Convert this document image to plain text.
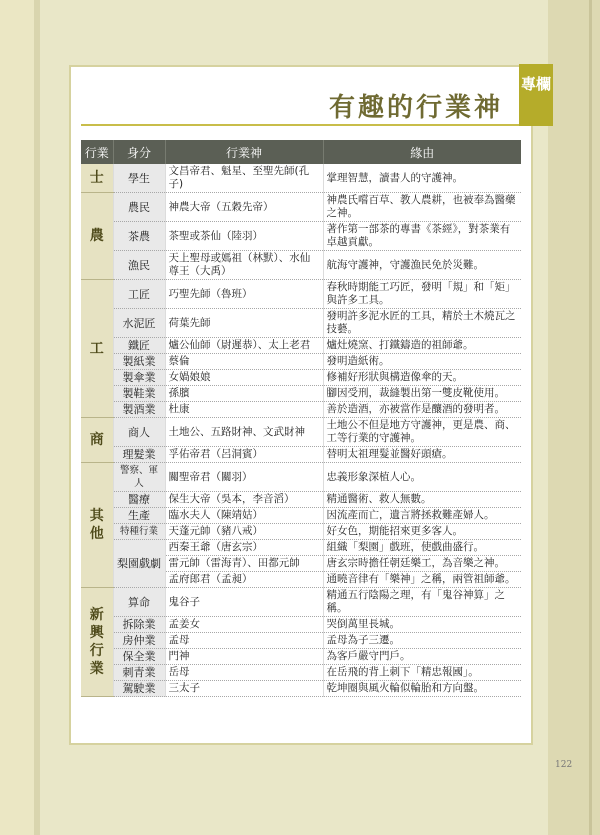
有趣的行業神
行業	身分	行業神	緣由
士	學生	文昌帝君、魁星、至聖先師(孔子)	掌理智慧，讀書人的守護神。
農	農民	神農大帝（五穀先帝）	神農氏嚐百草、教人農耕，也被奉為醫藥之神。
	茶農	茶聖或茶仙（陸羽）	著作第一部茶的專書《茶經》，對茶業有卓越貢獻。
	漁民	天上聖母或媽祖（林默）、水仙尊王（大禹）	航海守護神，守護漁民免於災難。
工	工匠	巧聖先師（魯班）	春秋時期能工巧匠，發明「規」和「矩」與許多工具。
	水泥匠	荷葉先師	發明許多泥水匠的工具，精於土木燒瓦之技藝。
	鐵匠	爐公仙師（尉遲恭）、太上老君	爐灶燒窯、打鐵鑄造的祖師爺。
	製紙業	蔡倫	發明造紙術。
	製傘業	女媧娘娘	修補好形狀與構造像傘的天。
	製鞋業	孫臏	腳因受刑，裁縫製出第一雙皮靴使用。
	製酒業	杜康	善於造酒，亦被當作是釀酒的發明者。
商	商人	土地公、五路財神、文武財神	土地公不但是地方守護神，更是農、商、工等行業的守護神。
	理髮業	孚佑帝君（呂洞賓）	替明太祖理髮並醫好頭瘡。
其他	警察、軍人	關聖帝君（關羽）	忠義形象深植人心。
	醫療	保生大帝（吳本，李音滔）	精通醫術、救人無數。
	生產	臨水夫人（陳靖姑）	因流產而亡，遺言將拯救難產婦人。
	特種行業	天蓬元帥（豬八戒）	好女色，期能招來更多客人。
	梨園戲劇	西秦王爺（唐玄宗）	組織「梨園」戲班，使戲曲盛行。
		雷元帥（雷海青）、田都元帥	唐玄宗時擔任朝廷樂工，為音樂之神。
		孟府郎君（孟昶）	通曉音律有「樂神」之稱，兩管祖師爺。
新興行業	算命	鬼谷子	精通五行陰陽之理，有「鬼谷神算」之稱。
	拆除業	孟姜女	哭倒萬里長城。
	房仲業	孟母	孟母為子三遷。
	保全業	門神	為客戶嚴守門戶。
	刺青業	岳母	在岳飛的背上刺下「精忠報國」。
	駕駛業	三太子	乾坤圈與風火輪似輪胎和方向盤。
專欄
122
